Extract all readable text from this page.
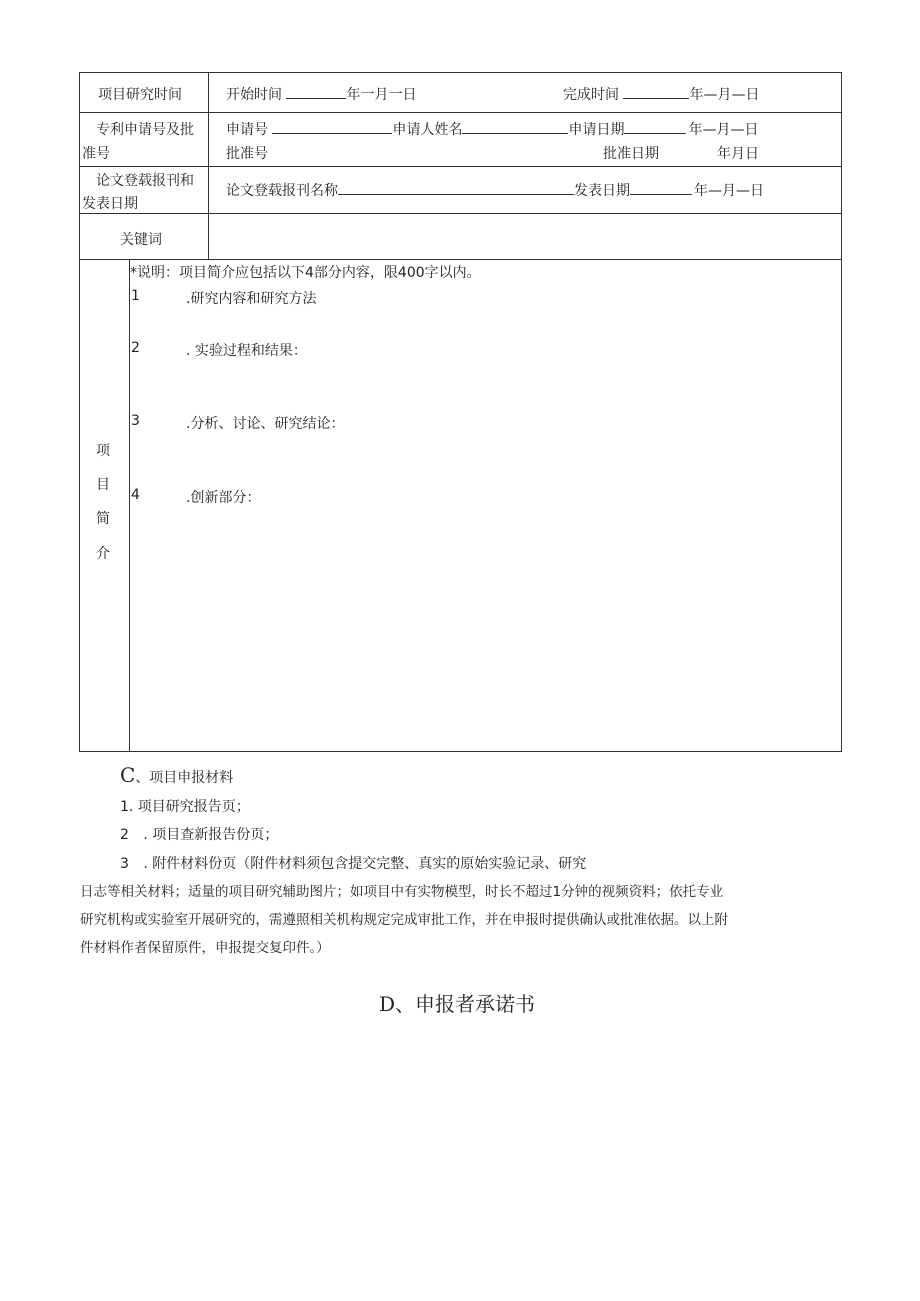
项目研究时间	开始时间	年一月一日	完成时间	年—月—日
专利申请号及批
准号
申请号	申请人姓名	申请日期	年—月—日
批准号	批准日期	年月日
论文登载报刊和
发表日期
论文登载报刊名称	发表日期	年—月—日
关键词
项
目
简
介
*说明：项目简介应包括以下4部分内容，限400字以内。
1	.研究内容和研究方法
2	. 实验过程和结果：
3	.分析、讨论、研究结论：
4	.创新部分：
C、项目申报材料
1. 项目研究报告页；
2 . 项目查新报告份页；
3 . 附件材料份页（附件材料须包含提交完整、真实的原始实验记录、研究
日志等相关材料；适量的项目研究辅助图片；如项目中有实物模型，时长不超过1分钟的视频资料；依托专业
研究机构或实验室开展研究的，需遵照相关机构规定完成审批工作，并在申报时提供确认或批准依据。以上附
件材料作者保留原件，申报提交复印件。）
D、申报者承诺书
